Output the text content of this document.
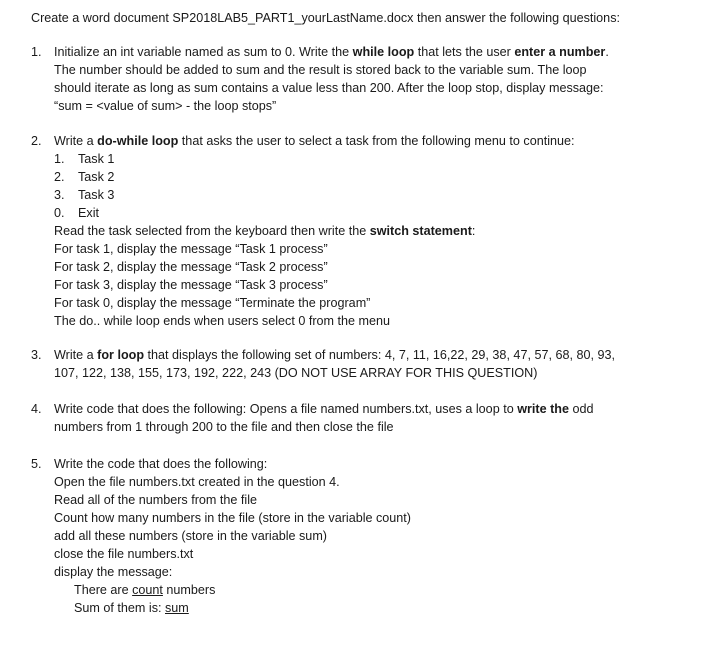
Create a word document SP2018LAB5_PART1_yourLastName.docx then answer the following questions:
1. Initialize an int variable named as sum to 0. Write the while loop that lets the user enter a number.
The number should be added to sum and the result is stored back to the variable sum. The loop
should iterate as long as sum contains a value less than 200. After the loop stop, display message:
“sum = <value of sum> - the loop stops”
2. Write a do-while loop that asks the user to select a task from the following menu to continue:
1. Task 1
2. Task 2
3. Task 3
0. Exit
Read the task selected from the keyboard then write the switch statement:
For task 1, display the message “Task 1 process”
For task 2, display the message “Task 2 process”
For task 3, display the message “Task 3 process”
For task 0, display the message “Terminate the program”
The do.. while loop ends when users select 0 from the menu
3. Write a for loop that displays the following set of numbers: 4, 7, 11, 16,22, 29, 38, 47, 57, 68, 80, 93,
107, 122, 138, 155, 173, 192, 222, 243 (DO NOT USE ARRAY FOR THIS QUESTION)
4. Write code that does the following: Opens a file named numbers.txt, uses a loop to write the odd
numbers from 1 through 200 to the file and then close the file
5. Write the code that does the following:
Open the file numbers.txt created in the question 4.
Read all of the numbers from the file
Count how many numbers in the file (store in the variable count)
add all these numbers (store in the variable sum)
close the file numbers.txt
display the message:
There are count numbers
Sum of them is: sum
